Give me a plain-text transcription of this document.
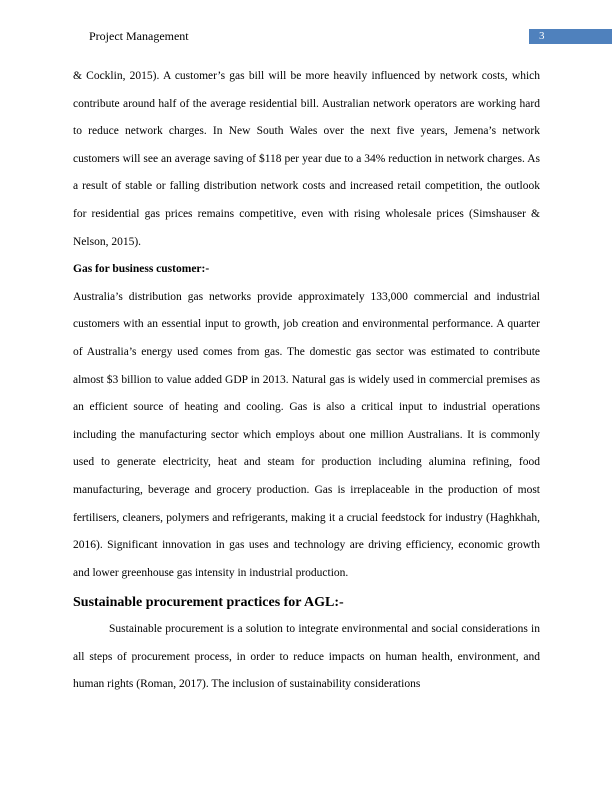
Project Management	3

& Cocklin, 2015). A customer’s gas bill will be more heavily influenced by network costs, which contribute around half of the average residential bill. Australian network operators are working hard to reduce network charges. In New South Wales over the next five years, Jemena’s network customers will see an average saving of $118 per year due to a 34% reduction in network charges. As a result of stable or falling distribution network costs and increased retail competition, the outlook for residential gas prices remains competitive, even with rising wholesale prices (Simshauser & Nelson, 2015).

Gas for business customer:-

Australia’s distribution gas networks provide approximately 133,000 commercial and industrial customers with an essential input to growth, job creation and environmental performance. A quarter of Australia’s energy used comes from gas. The domestic gas sector was estimated to contribute almost $3 billion to value added GDP in 2013. Natural gas is widely used in commercial premises as an efficient source of heating and cooling. Gas is also a critical input to industrial operations including the manufacturing sector which employs about one million Australians. It is commonly used to generate electricity, heat and steam for production including alumina refining, food manufacturing, beverage and grocery production. Gas is irreplaceable in the production of most fertilisers, cleaners, polymers and refrigerants, making it a crucial feedstock for industry (Haghkhah, 2016). Significant innovation in gas uses and technology are driving efficiency, economic growth and lower greenhouse gas intensity in industrial production.

Sustainable procurement practices for AGL:-

Sustainable procurement is a solution to integrate environmental and social considerations in all steps of procurement process, in order to reduce impacts on human health, environment, and human rights (Roman, 2017). The inclusion of sustainability considerations
